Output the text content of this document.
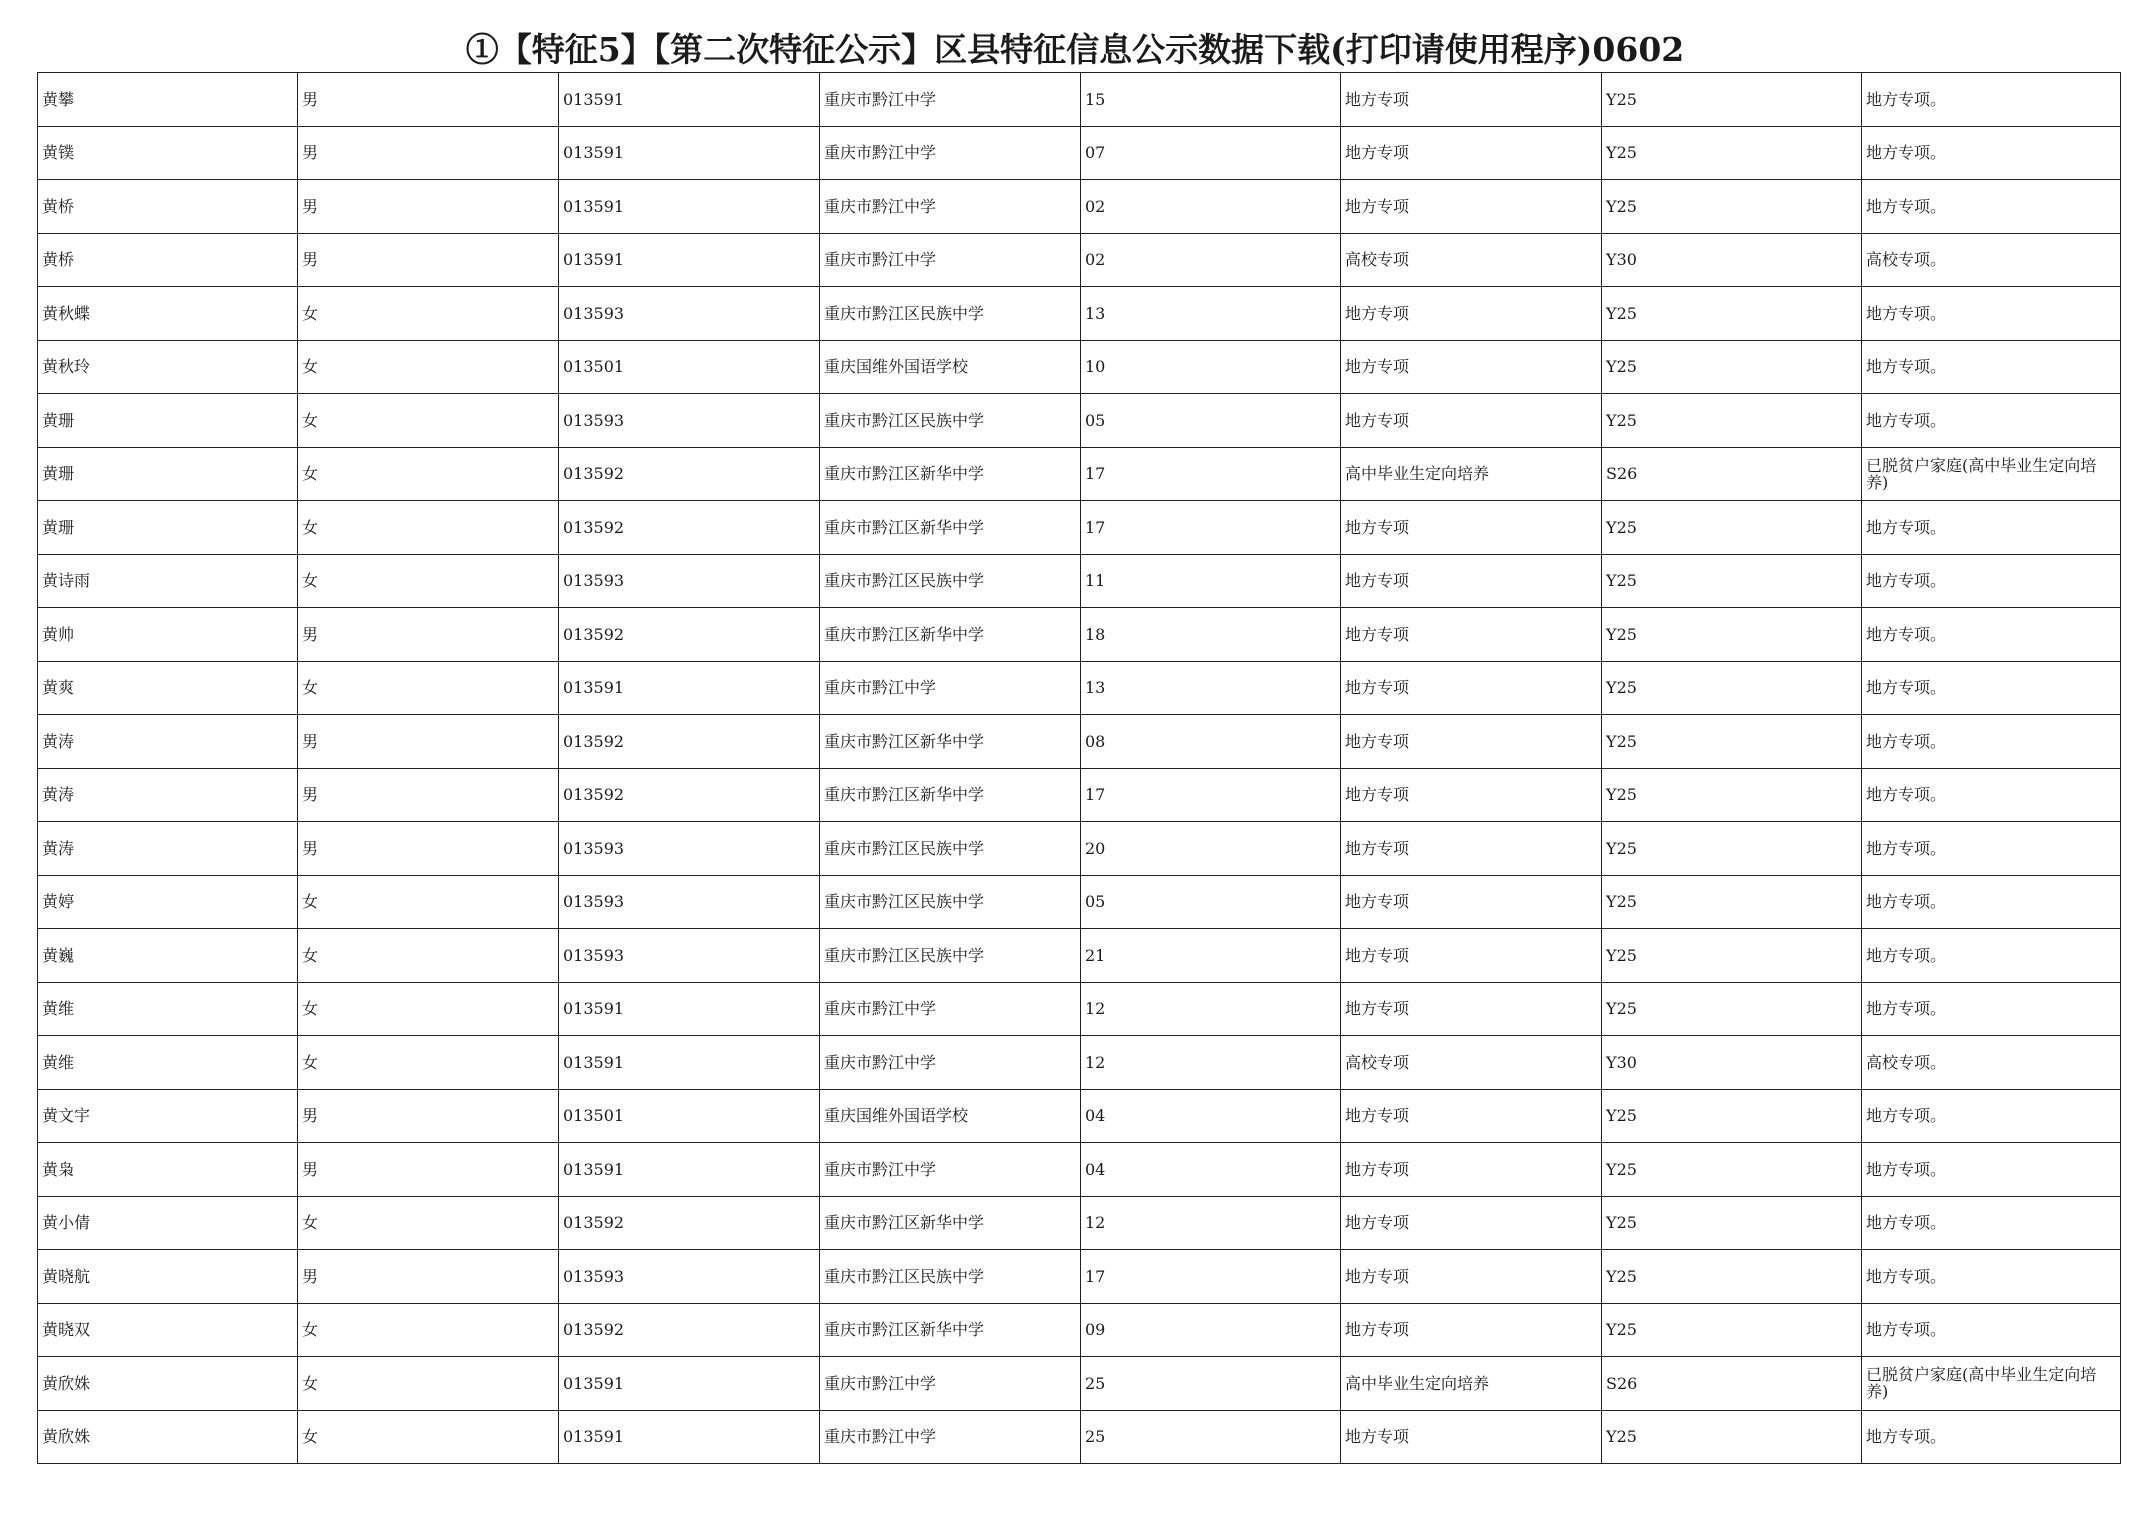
①【特征5】【第二次特征公示】区县特征信息公示数据下载(打印请使用程序)0602
黄攀	男	013591	重庆市黔江中学	15	地方专项	Y25	地方专项。
黄镤	男	013591	重庆市黔江中学	07	地方专项	Y25	地方专项。
黄桥	男	013591	重庆市黔江中学	02	地方专项	Y25	地方专项。
黄桥	男	013591	重庆市黔江中学	02	高校专项	Y30	高校专项。
黄秋蝶	女	013593	重庆市黔江区民族中学	13	地方专项	Y25	地方专项。
黄秋玲	女	013501	重庆国维外国语学校	10	地方专项	Y25	地方专项。
黄珊	女	013593	重庆市黔江区民族中学	05	地方专项	Y25	地方专项。
黄珊	女	013592	重庆市黔江区新华中学	17	高中毕业生定向培养	S26	已脱贫户家庭(高中毕业生定向培养)
黄珊	女	013592	重庆市黔江区新华中学	17	地方专项	Y25	地方专项。
黄诗雨	女	013593	重庆市黔江区民族中学	11	地方专项	Y25	地方专项。
黄帅	男	013592	重庆市黔江区新华中学	18	地方专项	Y25	地方专项。
黄爽	女	013591	重庆市黔江中学	13	地方专项	Y25	地方专项。
黄涛	男	013592	重庆市黔江区新华中学	08	地方专项	Y25	地方专项。
黄涛	男	013592	重庆市黔江区新华中学	17	地方专项	Y25	地方专项。
黄涛	男	013593	重庆市黔江区民族中学	20	地方专项	Y25	地方专项。
黄婷	女	013593	重庆市黔江区民族中学	05	地方专项	Y25	地方专项。
黄巍	女	013593	重庆市黔江区民族中学	21	地方专项	Y25	地方专项。
黄维	女	013591	重庆市黔江中学	12	地方专项	Y25	地方专项。
黄维	女	013591	重庆市黔江中学	12	高校专项	Y30	高校专项。
黄文宇	男	013501	重庆国维外国语学校	04	地方专项	Y25	地方专项。
黄枭	男	013591	重庆市黔江中学	04	地方专项	Y25	地方专项。
黄小倩	女	013592	重庆市黔江区新华中学	12	地方专项	Y25	地方专项。
黄晓航	男	013593	重庆市黔江区民族中学	17	地方专项	Y25	地方专项。
黄晓双	女	013592	重庆市黔江区新华中学	09	地方专项	Y25	地方专项。
黄欣姝	女	013591	重庆市黔江中学	25	高中毕业生定向培养	S26	已脱贫户家庭(高中毕业生定向培养)
黄欣姝	女	013591	重庆市黔江中学	25	地方专项	Y25	地方专项。
